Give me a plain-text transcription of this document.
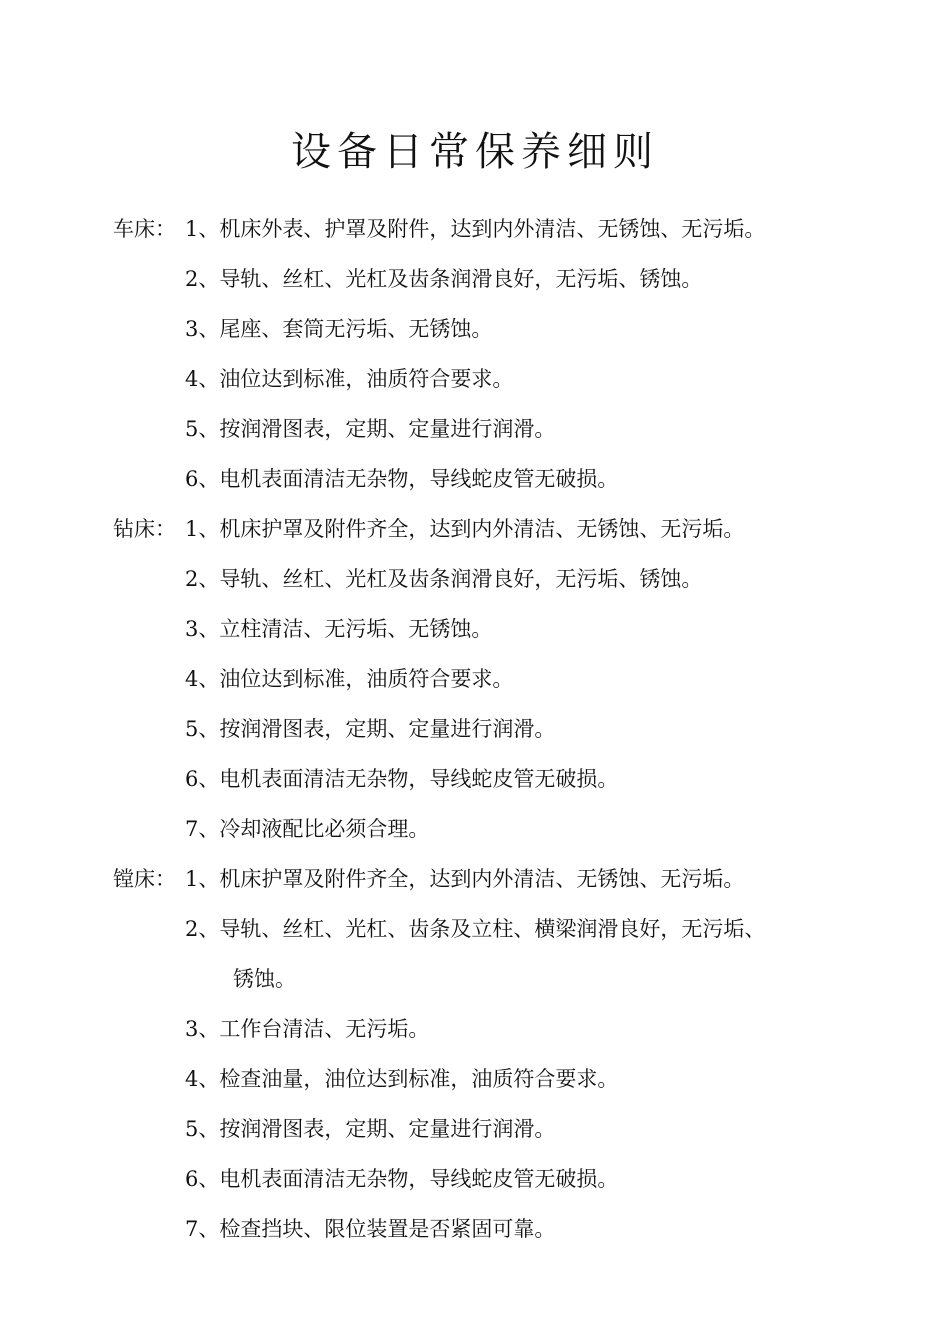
设备日常保养细则
车床： 1、机床外表、护罩及附件，达到内外清洁、无锈蚀、无污垢。
2、导轨、丝杠、光杠及齿条润滑良好，无污垢、锈蚀。
3、尾座、套筒无污垢、无锈蚀。
4、油位达到标准，油质符合要求。
5、按润滑图表，定期、定量进行润滑。
6、电机表面清洁无杂物，导线蛇皮管无破损。
钻床： 1、机床护罩及附件齐全，达到内外清洁、无锈蚀、无污垢。
2、导轨、丝杠、光杠及齿条润滑良好，无污垢、锈蚀。
3、立柱清洁、无污垢、无锈蚀。
4、油位达到标准，油质符合要求。
5、按润滑图表，定期、定量进行润滑。
6、电机表面清洁无杂物，导线蛇皮管无破损。
7、冷却液配比必须合理。
镗床： 1、机床护罩及附件齐全，达到内外清洁、无锈蚀、无污垢。
2、导轨、丝杠、光杠、齿条及立柱、横梁润滑良好，无污垢、
锈蚀。
3、工作台清洁、无污垢。
4、检查油量，油位达到标准，油质符合要求。
5、按润滑图表，定期、定量进行润滑。
6、电机表面清洁无杂物，导线蛇皮管无破损。
7、检查挡块、限位装置是否紧固可靠。
